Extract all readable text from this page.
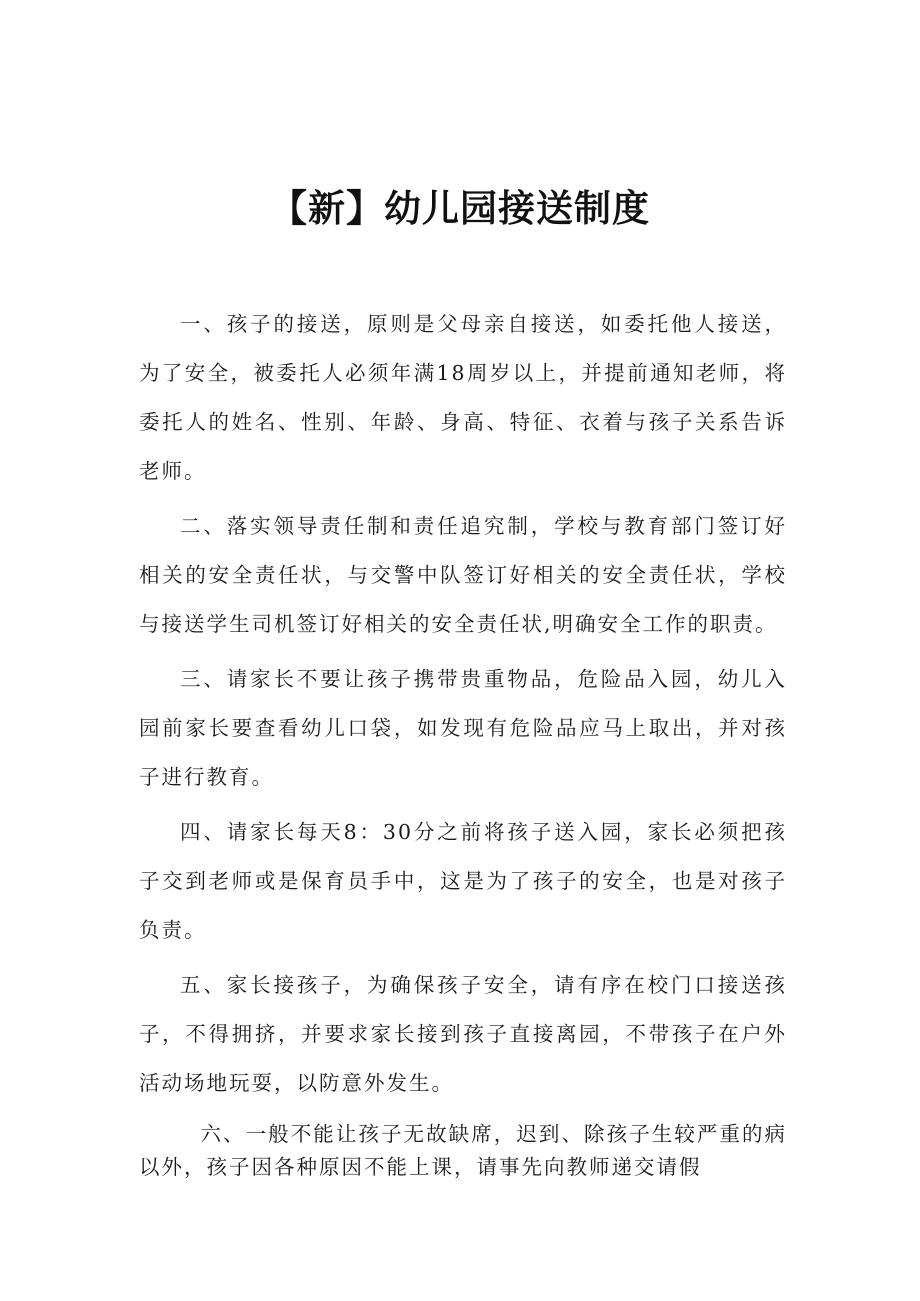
【新】幼儿园接送制度

一、孩子的接送，原则是父母亲自接送，如委托他人接送，为了安全，被委托人必须年满18周岁以上，并提前通知老师，将委托人的姓名、性别、年龄、身高、特征、衣着与孩子关系告诉老师。

二、落实领导责任制和责任追究制，学校与教育部门签订好相关的安全责任状，与交警中队签订好相关的安全责任状，学校与接送学生司机签订好相关的安全责任状,明确安全工作的职责。

三、请家长不要让孩子携带贵重物品，危险品入园，幼儿入园前家长要查看幼儿口袋，如发现有危险品应马上取出，并对孩子进行教育。

四、请家长每天8：30分之前将孩子送入园，家长必须把孩子交到老师或是保育员手中，这是为了孩子的安全，也是对孩子负责。

五、家长接孩子，为确保孩子安全，请有序在校门口接送孩子，不得拥挤，并要求家长接到孩子直接离园，不带孩子在户外活动场地玩耍，以防意外发生。

六、一般不能让孩子无故缺席，迟到、除孩子生较严重的病以外，孩子因各种原因不能上课，请事先向教师递交请假
